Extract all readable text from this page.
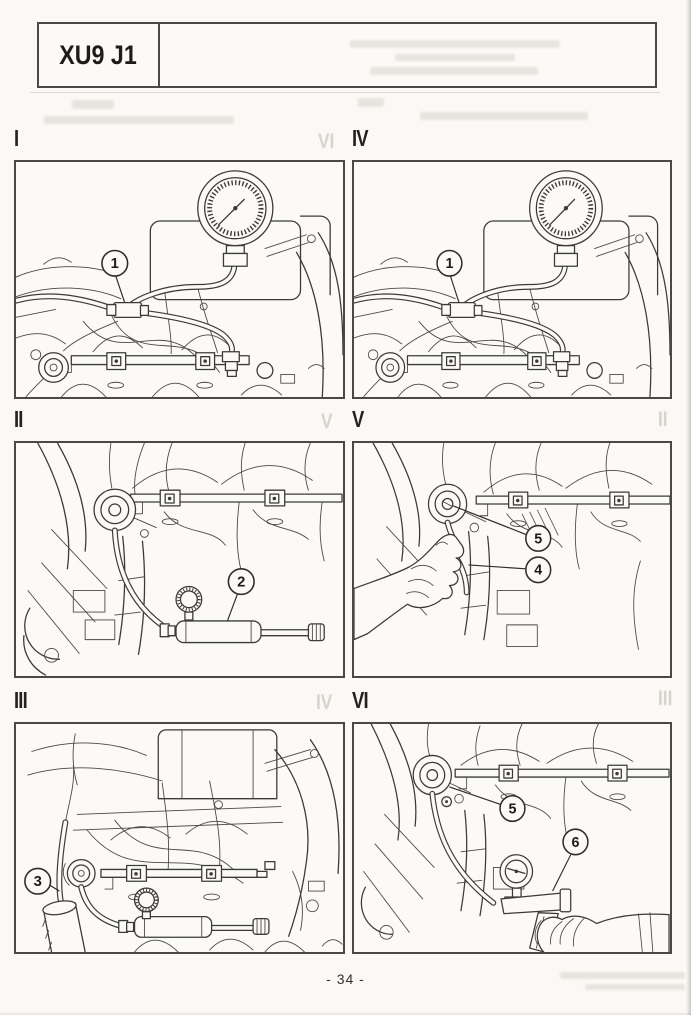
XU9 J1
VI
V	II
IV	III
I	IV
II	V
III	VI
1	1
2
5
4
3
5
6
- 34 -
